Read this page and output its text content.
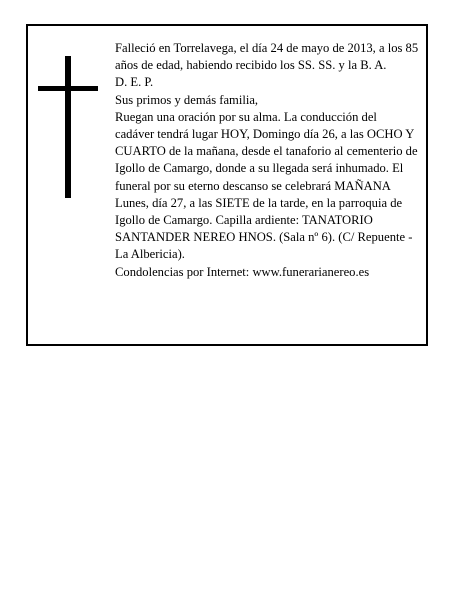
Falleció en Torrelavega, el día 24 de mayo de 2013, a los 85 años de edad, habiendo recibido los SS. SS. y la B. A.

D. E. P.

Sus primos y demás familia,

Ruegan una oración por su alma. La conducción del cadáver tendrá lugar HOY, Domingo día 26, a las OCHO Y CUARTO de la mañana, desde el tanaforio al cementerio de Igollo de Camargo, donde a su llegada será inhumado. El funeral por su eterno descanso se celebrará MAÑANA Lunes, día 27, a las SIETE de la tarde, en la parroquia de Igollo de Camargo. Capilla ardiente: TANATORIO SANTANDER NEREO HNOS. (Sala nº 6). (C/ Repuente - La Albericia).

Condolencias por Internet: www.funerarianereo.es
